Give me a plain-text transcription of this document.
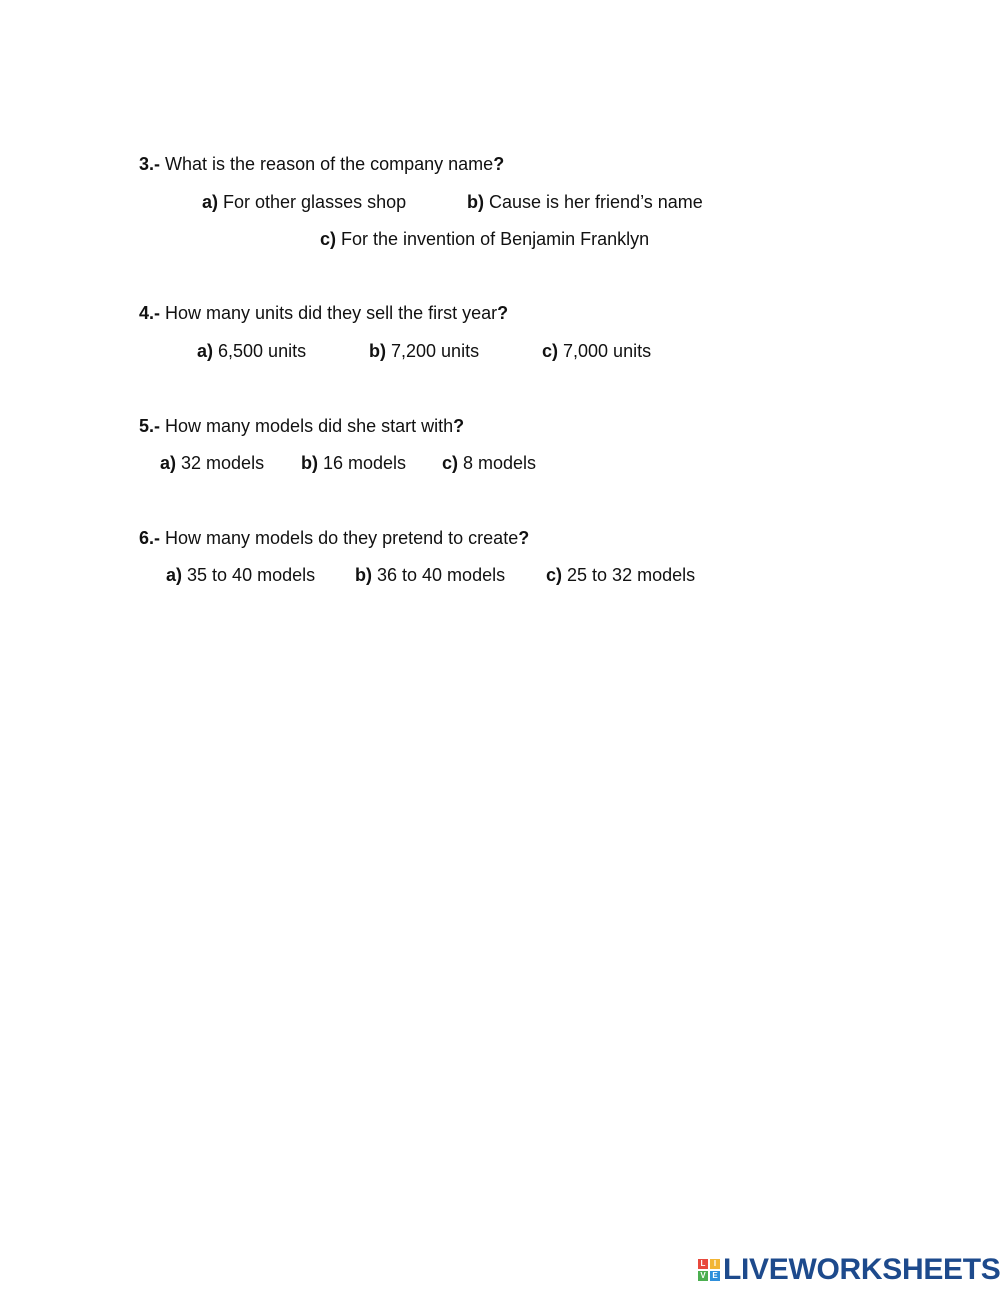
3.- What is the reason of the company name?
a) For other glasses shop	b) Cause is her friend’s name
c) For the invention of Benjamin Franklyn
4.- How many units did they sell the first year?
a) 6,500 units	b) 7,200 units	c) 7,000 units
5.- How many models did she start with?
a) 32 models b) 16 models c) 8 models
6.- How many models do they pretend to create?
a) 35 to 40 models b) 36 to 40 models c) 25 to 32 models
L	I
V E LIVEWORKSHEETS
